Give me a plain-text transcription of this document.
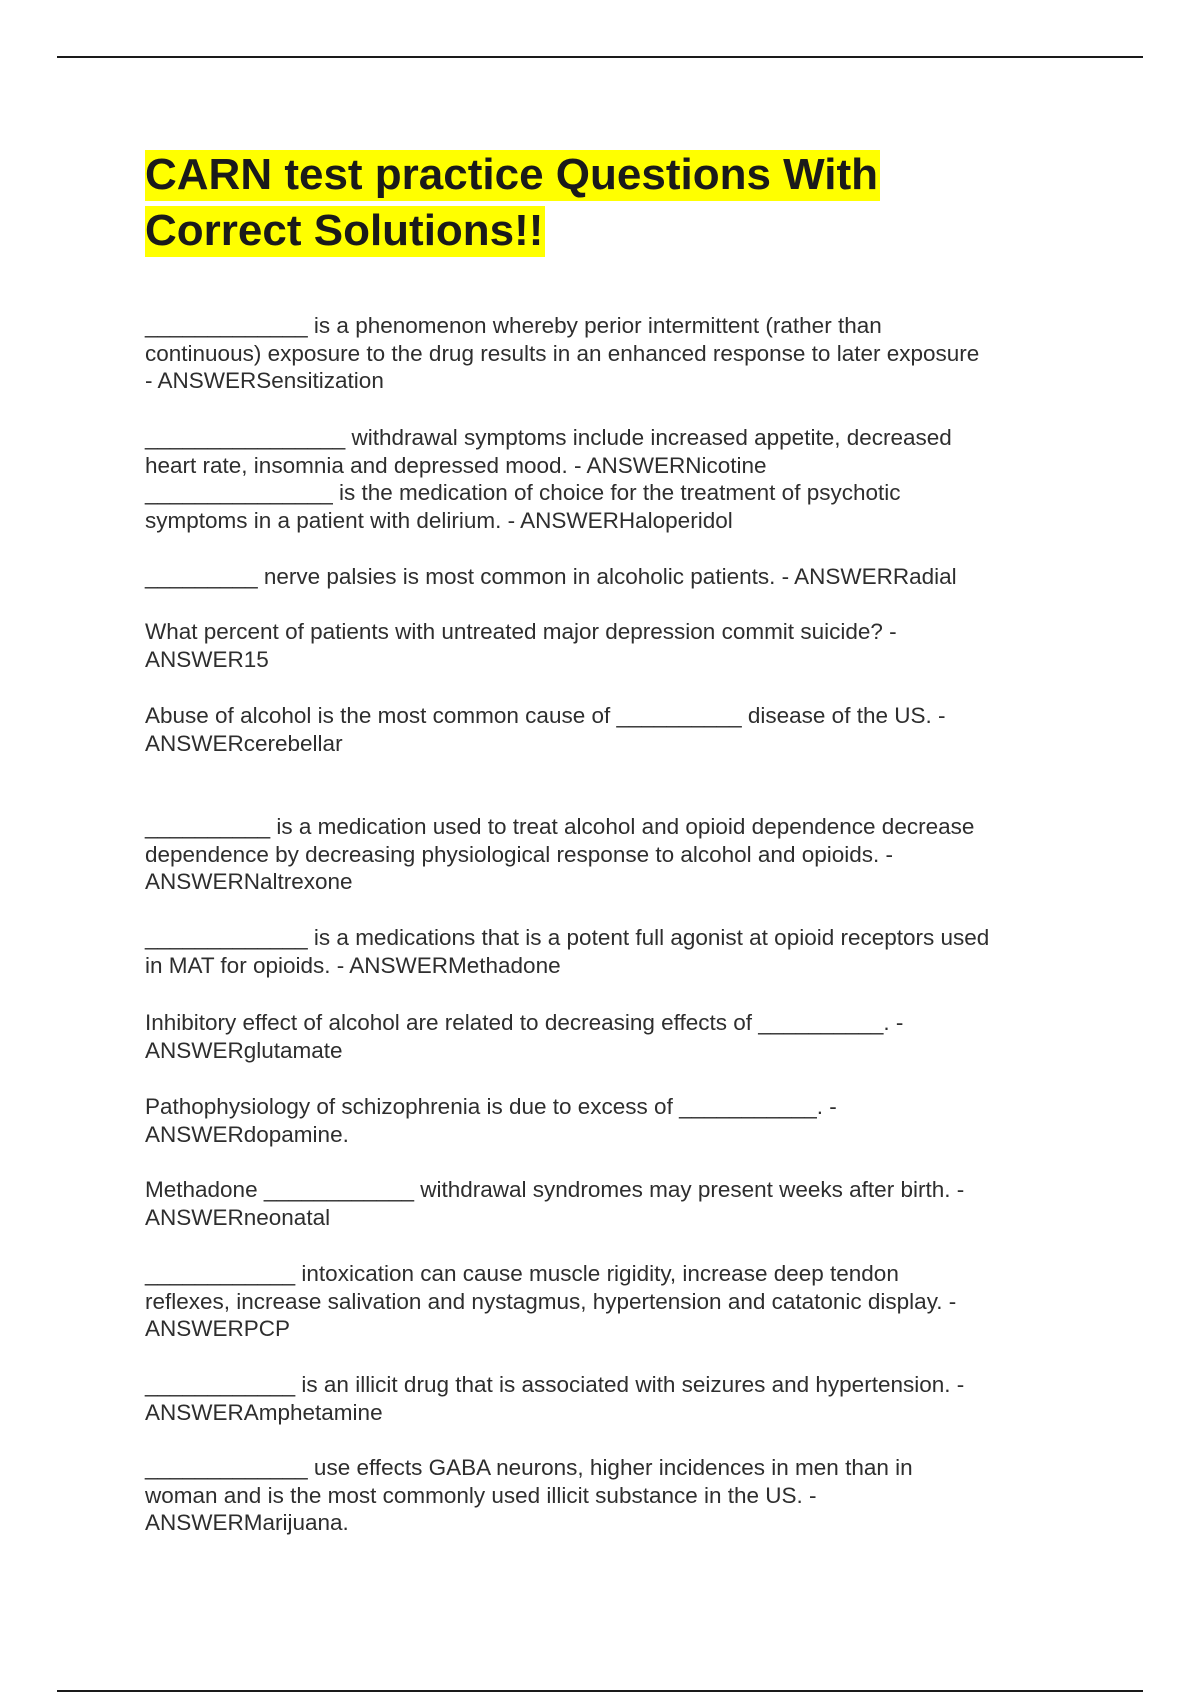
CARN test practice Questions With
Correct Solutions!!

_____________ is a phenomenon whereby perior intermittent (rather than
continuous) exposure to the drug results in an enhanced response to later exposure
- ANSWERSensitization

________________ withdrawal symptoms include increased appetite, decreased
heart rate, insomnia and depressed mood. - ANSWERNicotine

_______________ is the medication of choice for the treatment of psychotic
symptoms in a patient with delirium. - ANSWERHaloperidol

_________ nerve palsies is most common in alcoholic patients. - ANSWERRadial

What percent of patients with untreated major depression commit suicide? -
ANSWER15

Abuse of alcohol is the most common cause of __________ disease of the US. -
ANSWERcerebellar

__________ is a medication used to treat alcohol and opioid dependence decrease
dependence by decreasing physiological response to alcohol and opioids. -
ANSWERNaltrexone

_____________ is a medications that is a potent full agonist at opioid receptors used
in MAT for opioids. - ANSWERMethadone

Inhibitory effect of alcohol are related to decreasing effects of __________. -
ANSWERglutamate

Pathophysiology of schizophrenia is due to excess of ___________. -
ANSWERdopamine.

Methadone ____________ withdrawal syndromes may present weeks after birth. -
ANSWERneonatal

____________ intoxication can cause muscle rigidity, increase deep tendon
reflexes, increase salivation and nystagmus, hypertension and catatonic display. -
ANSWERPCP

____________ is an illicit drug that is associated with seizures and hypertension. -
ANSWERAmphetamine

_____________ use effects GABA neurons, higher incidences in men than in
woman and is the most commonly used illicit substance in the US. -
ANSWERMarijuana.
